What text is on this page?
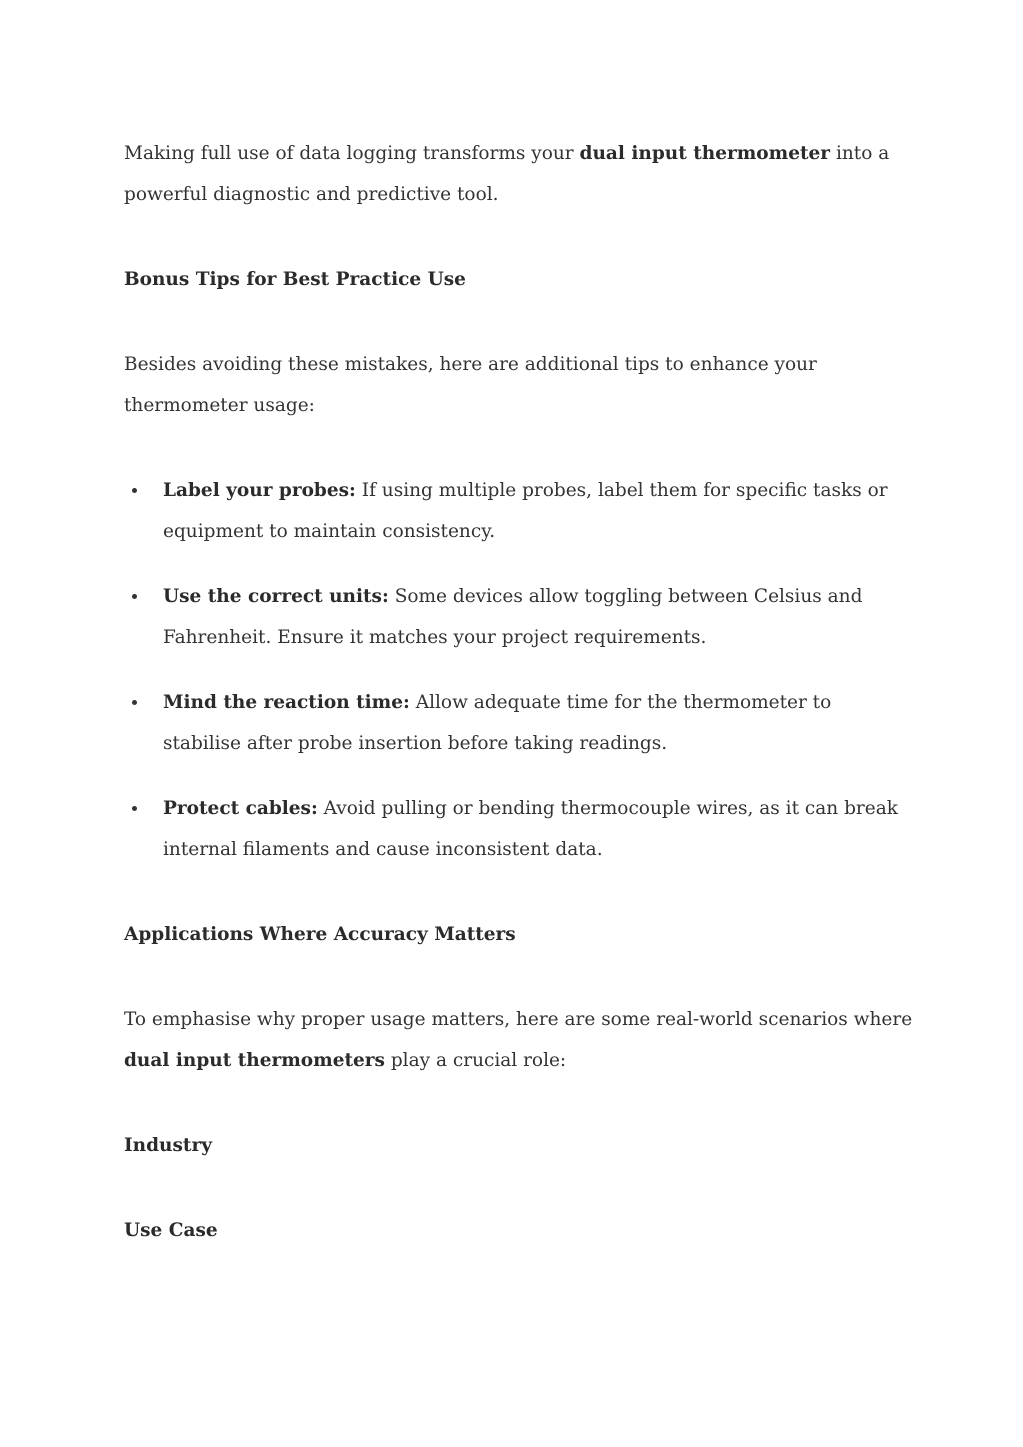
Making full use of data logging transforms your dual input thermometer into a powerful diagnostic and predictive tool.

Bonus Tips for Best Practice Use

Besides avoiding these mistakes, here are additional tips to enhance your thermometer usage:

Label your probes: If using multiple probes, label them for specific tasks or equipment to maintain consistency.
Use the correct units: Some devices allow toggling between Celsius and Fahrenheit. Ensure it matches your project requirements.
Mind the reaction time: Allow adequate time for the thermometer to stabilise after probe insertion before taking readings.
Protect cables: Avoid pulling or bending thermocouple wires, as it can break internal filaments and cause inconsistent data.

Applications Where Accuracy Matters

To emphasise why proper usage matters, here are some real-world scenarios where dual input thermometers play a crucial role:

Industry

Use Case
